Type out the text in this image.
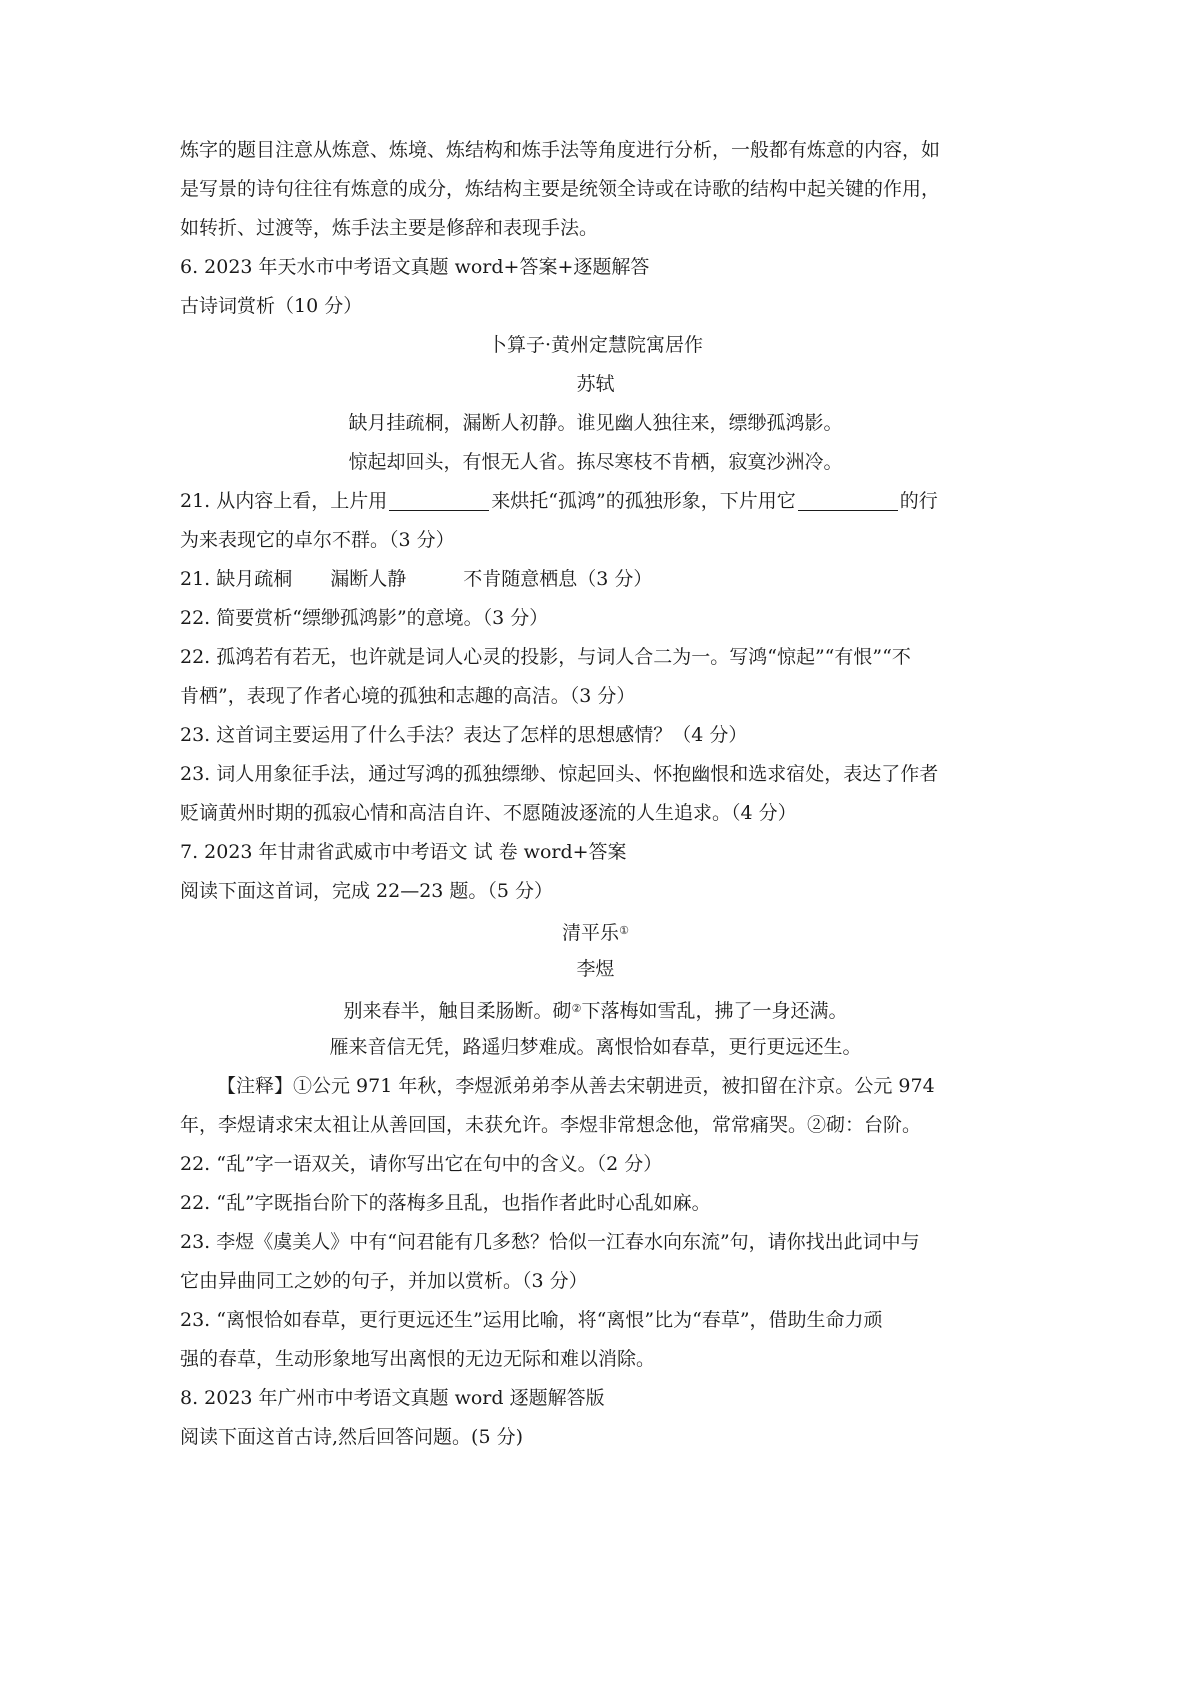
炼字的题目注意从炼意、炼境、炼结构和炼手法等角度进行分析，一般都有炼意的内容，如
是写景的诗句往往有炼意的成分，炼结构主要是统领全诗或在诗歌的结构中起关键的作用，
如转折、过渡等，炼手法主要是修辞和表现手法。
6. 2023 年天水市中考语文真题 word+答案+逐题解答
古诗词赏析（10 分）
卜算子·黄州定慧院寓居作
苏轼
缺月挂疏桐，漏断人初静。谁见幽人独往来，缥缈孤鸿影。
惊起却回头，有恨无人省。拣尽寒枝不肯栖，寂寞沙洲冷。
21. 从内容上看，上片用	来烘托“孤鸿”的孤独形象，下片用它	的行
为来表现它的卓尔不群。（3 分）
21. 缺月疏桐　　漏断人静　　　不肯随意栖息（3 分）
22. 简要赏析“缥缈孤鸿影”的意境。（3 分）
22. 孤鸿若有若无，也许就是词人心灵的投影，与词人合二为一。写鸿“惊起”“有恨”“不
肯栖”，表现了作者心境的孤独和志趣的高洁。（3 分）
23. 这首词主要运用了什么手法？表达了怎样的思想感情？（4 分）
23. 词人用象征手法，通过写鸿的孤独缥缈、惊起回头、怀抱幽恨和选求宿处，表达了作者
贬谪黄州时期的孤寂心情和高洁自许、不愿随波逐流的人生追求。（4 分）
7. 2023 年甘肃省武威市中考语文 试 卷 word+答案
阅读下面这首词，完成 22—23 题。（5 分）
清平乐①
李煜
别来春半，触目柔肠断。砌②下落梅如雪乱，拂了一身还满。
雁来音信无凭，路遥归梦难成。离恨恰如春草，更行更远还生。
【注释】①公元 971 年秋，李煜派弟弟李从善去宋朝进贡，被扣留在汴京。公元 974
年，李煜请求宋太祖让从善回国，未获允许。李煜非常想念他，常常痛哭。②砌：台阶。
22. “乱”字一语双关，请你写出它在句中的含义。（2 分）
22. “乱”字既指台阶下的落梅多且乱，也指作者此时心乱如麻。
23. 李煜《虞美人》中有“问君能有几多愁？恰似一江春水向东流”句，请你找出此词中与
它由异曲同工之妙的句子，并加以赏析。（3 分）
23. “离恨恰如春草，更行更远还生”运用比喻，将“离恨”比为“春草”，借助生命力顽
强的春草，生动形象地写出离恨的无边无际和难以消除。
8. 2023 年广州市中考语文真题 word 逐题解答版
阅读下面这首古诗,然后回答问题。(5 分)
